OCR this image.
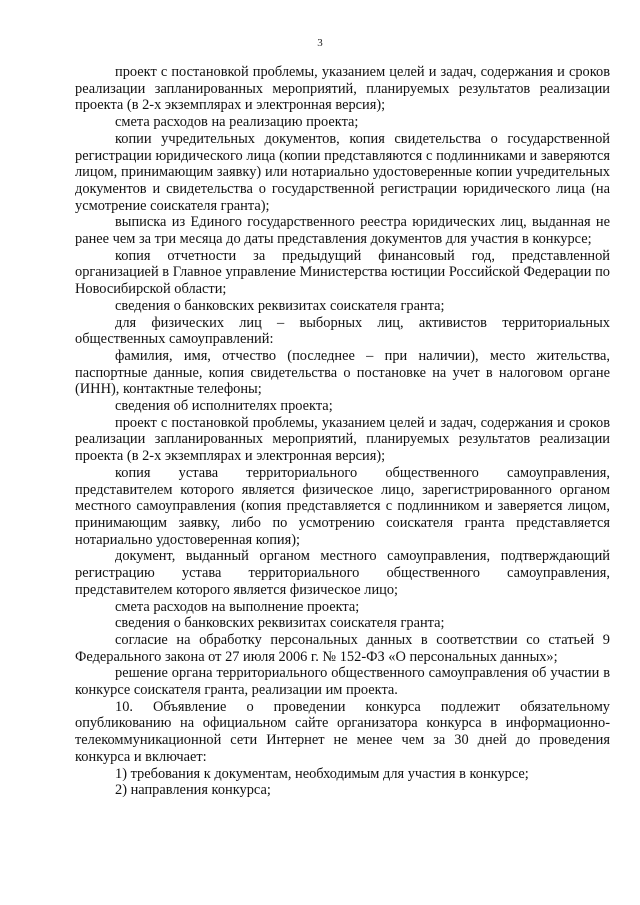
3

проект с постановкой проблемы, указанием целей и задач, содержания и сроков реализации запланированных мероприятий, планируемых результатов реализации проекта (в 2-х экземплярах и электронная версия);

смета расходов на реализацию проекта;

копии учредительных документов, копия свидетельства о государственной регистрации юридического лица (копии представляются с подлинниками и заверяются лицом, принимающим заявку) или нотариально удостоверенные копии учредительных документов и свидетельства о государственной регистрации юридического лица (на усмотрение соискателя гранта);

выписка из Единого государственного реестра юридических лиц, выданная не ранее чем за три месяца до даты представления документов для участия в конкурсе;

копия отчетности за предыдущий финансовый год, представленной организацией в Главное управление Министерства юстиции Российской Федерации по Новосибирской области;

сведения о банковских реквизитах соискателя гранта;

для физических лиц – выборных лиц, активистов территориальных общественных самоуправлений:

фамилия, имя, отчество (последнее – при наличии), место жительства, паспортные данные, копия свидетельства о постановке на учет в налоговом органе (ИНН), контактные телефоны;

сведения об исполнителях проекта;

проект с постановкой проблемы, указанием целей и задач, содержания и сроков реализации запланированных мероприятий, планируемых результатов реализации проекта (в 2-х экземплярах и электронная версия);

копия устава территориального общественного самоуправления, представителем которого является физическое лицо, зарегистрированного органом местного самоуправления (копия представляется с подлинником и заверяется лицом, принимающим заявку, либо по усмотрению соискателя гранта представляется нотариально удостоверенная копия);

документ, выданный органом местного самоуправления, подтверждающий регистрацию устава территориального общественного самоуправления, представителем которого является физическое лицо;

смета расходов на выполнение проекта;

сведения о банковских реквизитах соискателя гранта;

согласие на обработку персональных данных в соответствии со статьей 9 Федерального закона от 27 июля 2006 г. № 152-ФЗ «О персональных данных»;

решение органа территориального общественного самоуправления об участии в конкурсе соискателя гранта, реализации им проекта.

10. Объявление о проведении конкурса подлежит обязательному опубликованию на официальном сайте организатора конкурса в информационно-телекоммуникационной сети Интернет не менее чем за 30 дней до проведения конкурса и включает:

1) требования к документам, необходимым для участия в конкурсе;

2) направления конкурса;
